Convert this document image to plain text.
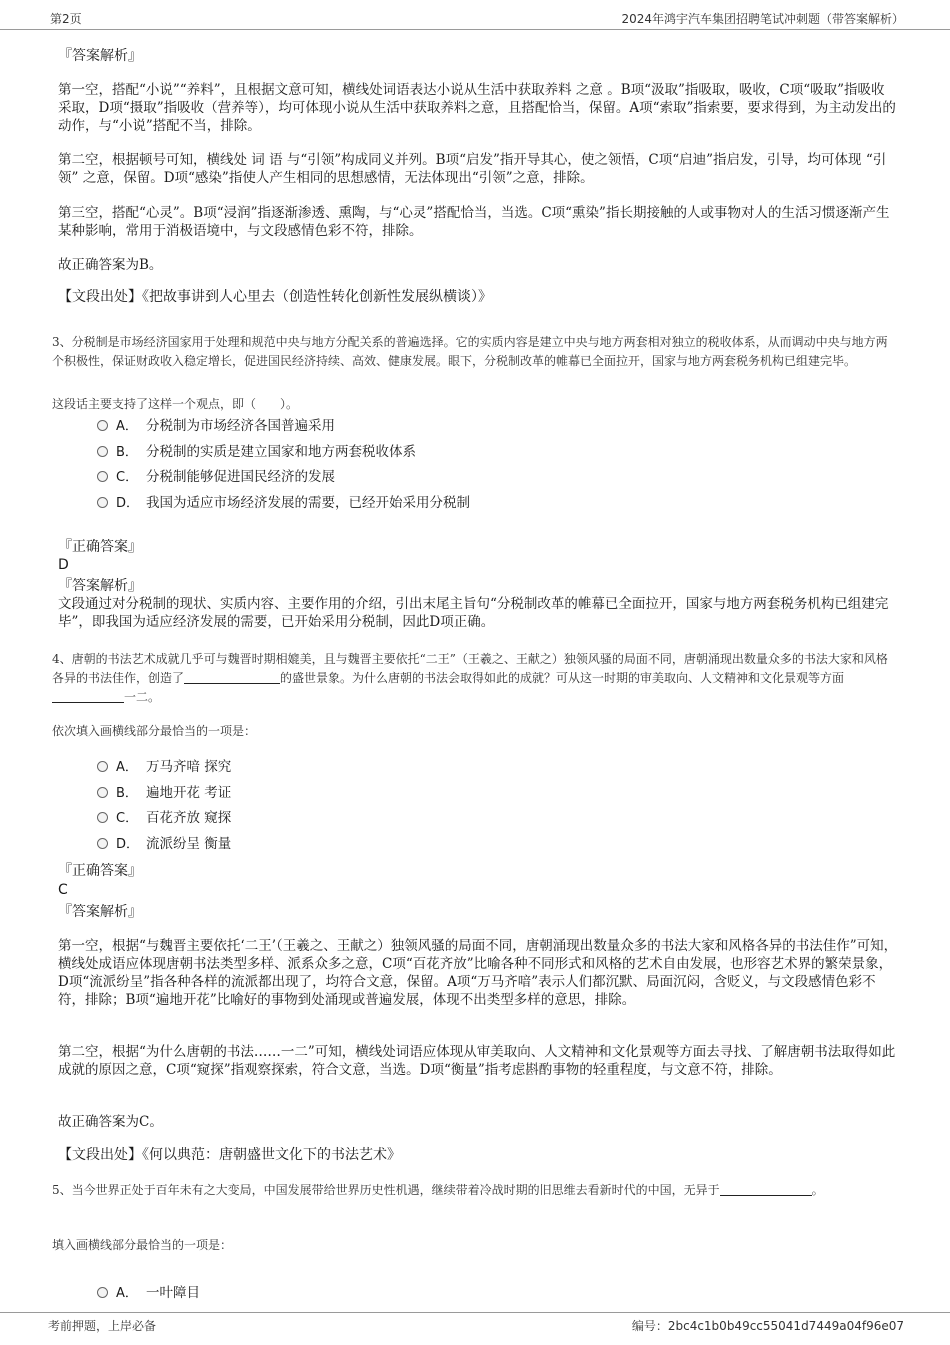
第2页	2024年鸿宇汽车集团招聘笔试冲刺题（带答案解析）
『答案解析』
第一空，搭配“小说”“养料”，且根据文意可知，横线处词语表达小说从生活中获取养料 之意 。B项“汲取”指吸取，吸收，C项“吸取”指吸收采取，D项“摄取”指吸收（营养等），均可体现小说从生活中获取养料之意，且搭配恰当，保留。A项“索取”指索要，要求得到，为主动发出的动作，与“小说”搭配不当，排除。
第二空，根据顿号可知，横线处 词 语 与“引领”构成同义并列。B项“启发”指开导其心，使之领悟，C项“启迪”指启发，引导，均可体现 “引领” 之意，保留。D项“感染”指使人产生相同的思想感情，无法体现出“引领”之意，排除。
第三空，搭配“心灵”。B项“浸润”指逐渐渗透、熏陶，与“心灵”搭配恰当，当选。C项“熏染”指长期接触的人或事物对人的生活习惯逐渐产生某种影响，常用于消极语境中，与文段感情色彩不符，排除。
故正确答案为B。
【文段出处】《把故事讲到人心里去（创造性转化创新性发展纵横谈）》
3、分税制是市场经济国家用于处理和规范中央与地方分配关系的普遍选择。它的实质内容是建立中央与地方两套相对独立的税收体系，从而调动中央与地方两个积极性，保证财政收入稳定增长，促进国民经济持续、高效、健康发展。眼下，分税制改革的帷幕已全面拉开，国家与地方两套税务机构已组建完毕。
这段话主要支持了这样一个观点，即（　　）。
A． 分税制为市场经济各国普遍采用
B． 分税制的实质是建立国家和地方两套税收体系
C． 分税制能够促进国民经济的发展
D． 我国为适应市场经济发展的需要，已经开始采用分税制
『正确答案』
D
『答案解析』
文段通过对分税制的现状、实质内容、主要作用的介绍，引出末尾主旨句“分税制改革的帷幕已全面拉开，国家与地方两套税务机构已组建完毕”，即我国为适应经济发展的需要，已开始采用分税制，因此D项正确。
4、唐朝的书法艺术成就几乎可与魏晋时期相媲美，且与魏晋主要依托“二王”（王羲之、王献之）独领风骚的局面不同，唐朝涌现出数量众多的书法大家和风格各异的书法佳作，创造了	的盛世景象。为什么唐朝的书法会取得如此的成就？可从这一时期的审美取向、人文精神和文化景观等方面一二。
依次填入画横线部分最恰当的一项是：
A． 万马齐喑 探究
B． 遍地开花 考证
C． 百花齐放 窥探
D． 流派纷呈 衡量
『正确答案』
C
『答案解析』
第一空，根据“与魏晋主要依托‘二王’（王羲之、王献之）独领风骚的局面不同，唐朝涌现出数量众多的书法大家和风格各异的书法佳作”可知，横线处成语应体现唐朝书法类型多样、派系众多之意，C项“百花齐放”比喻各种不同形式和风格的艺术自由发展，也形容艺术界的繁荣景象，D项“流派纷呈”指各种各样的流派都出现了，均符合文意，保留。A项“万马齐喑”表示人们都沉默、局面沉闷，含贬义，与文段感情色彩不符，排除；B项“遍地开花”比喻好的事物到处涌现或普遍发展，体现不出类型多样的意思，排除。
第二空，根据“为什么唐朝的书法……一二”可知，横线处词语应体现从审美取向、人文精神和文化景观等方面去寻找、了解唐朝书法取得如此成就的原因之意，C项“窥探”指观察探索，符合文意，当选。D项“衡量”指考虑斟酌事物的轻重程度，与文意不符，排除。
故正确答案为C。
【文段出处】《何以典范：唐朝盛世文化下的书法艺术》
5、当今世界正处于百年未有之大变局，中国发展带给世界历史性机遇，继续带着冷战时期的旧思维去看新时代的中国，无异于	。
填入画横线部分最恰当的一项是：
A． 一叶障目
考前押题，上岸必备	编号：2bc4c1b0b49cc55041d7449a04f96e07
